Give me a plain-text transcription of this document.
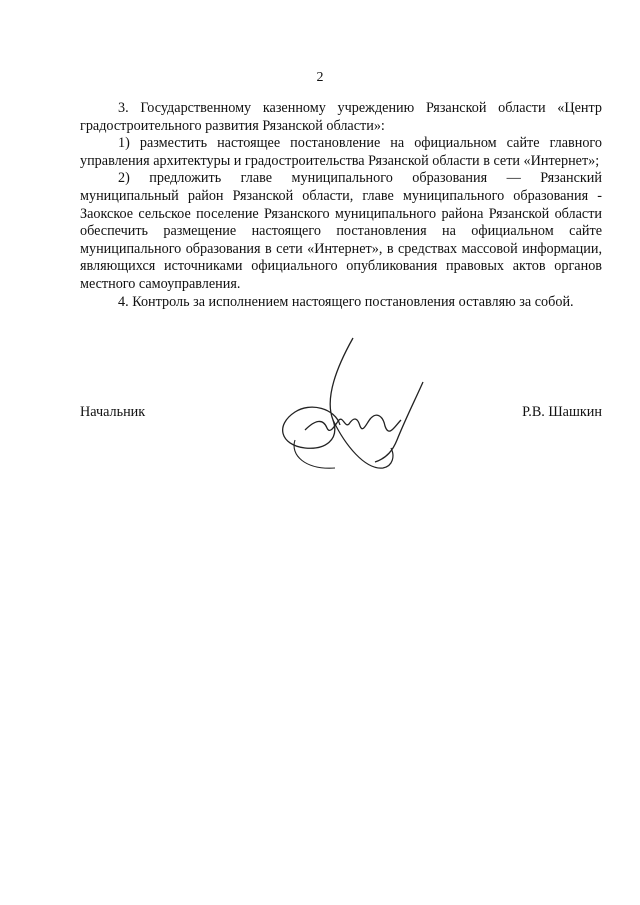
2

3. Государственному казенному учреждению Рязанской области «Центр градостроительного развития Рязанской области»:

1) разместить настоящее постановление на официальном сайте главного управления архитектуры и градостроительства Рязанской области в сети «Интернет»;

2) предложить главе муниципального образования — Рязанский муниципальный район Рязанской области, главе муниципального образования - Заокское сельское поселение Рязанского муниципального района Рязанской области обеспечить размещение настоящего постановления на официальном сайте муниципального образования в сети «Интернет», в средствах массовой информации, являющихся источниками официального опубликования правовых актов органов местного самоуправления.

4. Контроль за исполнением настоящего постановления оставляю за собой.

Начальник	Р.В. Шашкин
